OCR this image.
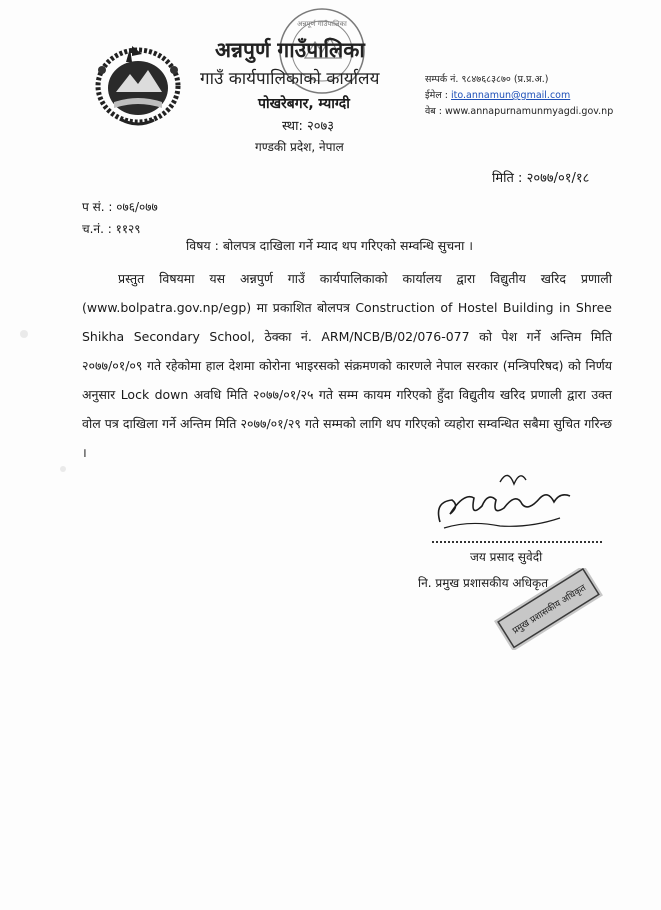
अन्नपूर्ण गाउँपालिका
अन्नपुर्ण गाउँपालिका
गाउँ कार्यपालिकाको कार्यालय
पोखरेबगर, म्याग्दी
स्था: २०७३
गण्डकी प्रदेश, नेपाल
सम्पर्क नं. ९८४७६८३८७० (प्र.प्र.अ.)
ईमेल : ito.annamun@gmail.com
वेब : www.annapurnamunmyagdi.gov.np
मिति : २०७७/०१/१८
प सं. : ०७६/०७७
च.नं. : ११२९
विषय : बोलपत्र दाखिला गर्ने म्याद थप गरिएको सम्वन्धि सुचना ।

प्रस्तुत विषयमा यस अन्नपुर्ण गाउँ कार्यपालिकाको कार्यालय द्वारा विद्युतीय खरिद प्रणाली (www.bolpatra.gov.np/egp) मा प्रकाशित बोलपत्र Construction of Hostel Building in Shree Shikha Secondary School, ठेक्का नं. ARM/NCB/B/02/076-077 को पेश गर्ने अन्तिम मिति २०७७/०१/०९ गते रहेकोमा हाल देशमा कोरोना भाइरसको संक्रमणको कारणले नेपाल सरकार (मन्त्रिपरिषद) को निर्णय अनुसार Lock down अवधि मिति २०७७/०१/२५ गते सम्म कायम गरिएको हुँदा विद्युतीय खरिद प्रणाली द्वारा उक्त वोल पत्र दाखिला गर्ने अन्तिम मिति २०७७/०१/२९ गते सम्मको लागि थप गरिएको व्यहोरा सम्वन्धित सबैमा सुचित गरिन्छ ।

जय प्रसाद सुवेदी
नि. प्रमुख प्रशासकीय अधिकृत
प्रमुख प्रशासकीय अधिकृत
